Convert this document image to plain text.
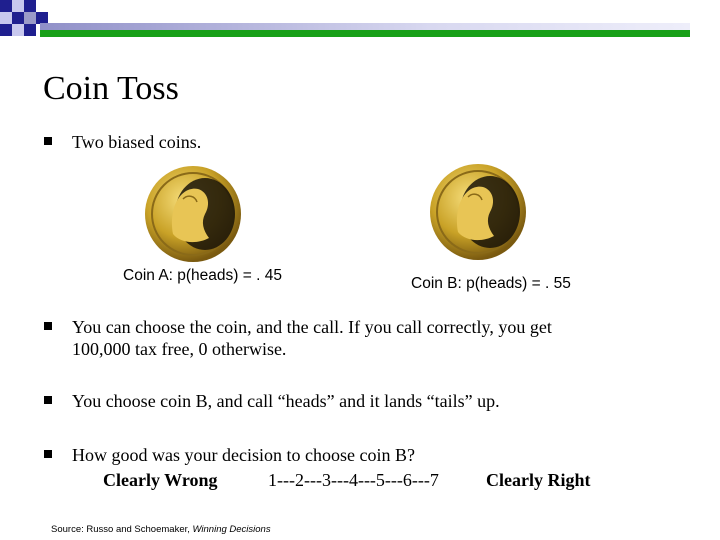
Coin Toss
Two biased coins.
Coin A: p(heads) = . 45	Coin B: p(heads) = . 55
You can choose the coin, and the call. If you call correctly, you get
100,000 tax free, 0 otherwise.
You choose coin B, and call “heads” and it lands “tails” up.
How good was your decision to choose coin B?
Clearly Wrong	1---2---3---4---5---6---7	Clearly Right
Source: Russo and Schoemaker, Winning Decisions
